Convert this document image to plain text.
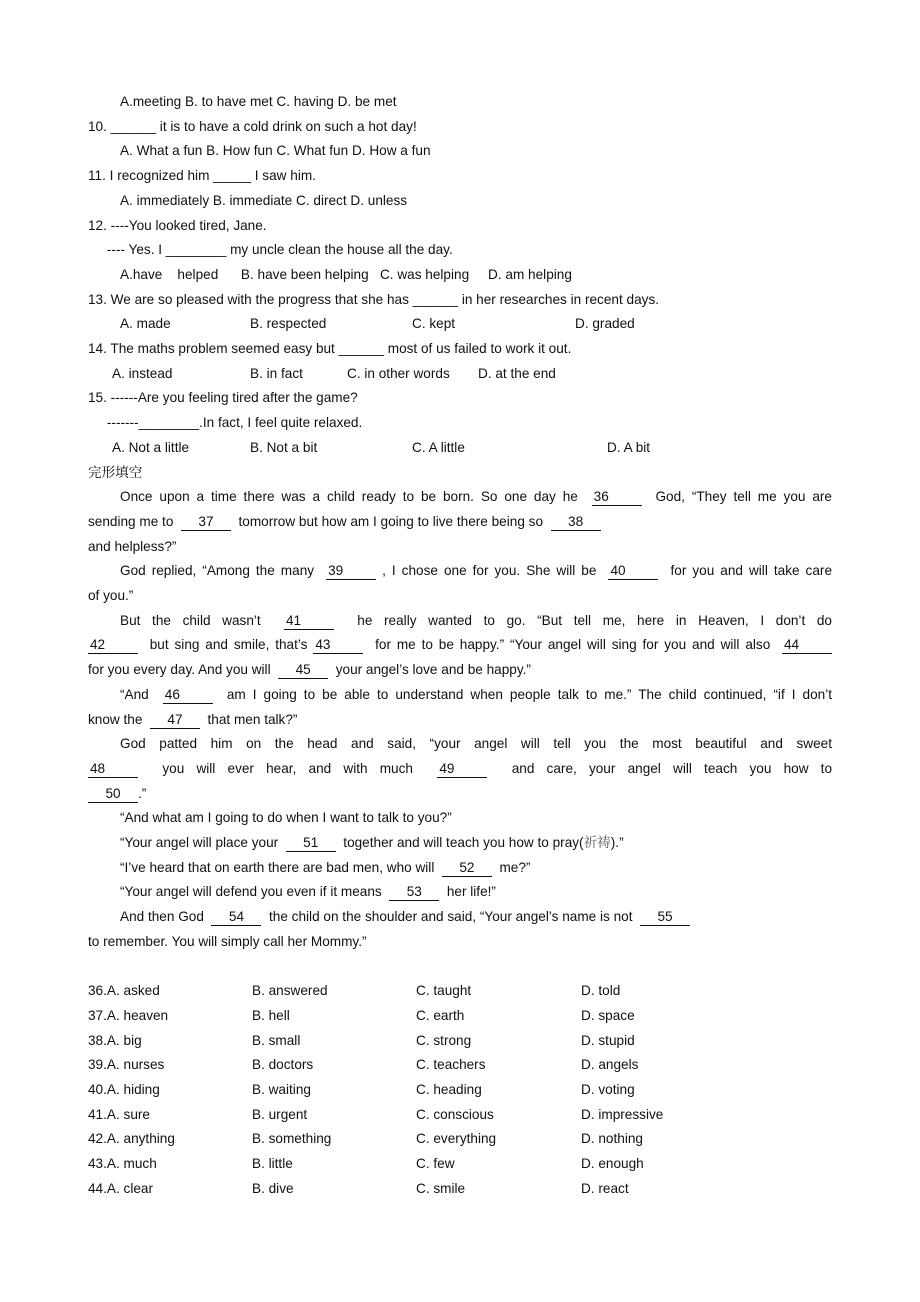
A.meeting B. to have met C. having D. be met
10. ______ it is to have a cold drink on such a hot day!
A. What a fun B. How fun C. What fun D. How a fun
11. I recognized him _____ I saw him.
A. immediately B. immediate C. direct D. unless
12. ----You looked tired, Jane.
---- Yes. I ________ my uncle clean the house all the day.
A.have    helped      B. have been helping   C. was helping     D. am helping
13. We are so pleased with the progress that she has ______ in her researches in recent days.
A. made	B. respected	C. kept	D. graded
14. The maths problem seemed easy but ______ most of us failed to work it out.
A. instead	B. in fact	C. in other words D. at the end
15. ------Are you feeling tired after the game?
-------________.In fact, I feel quite relaxed.
A. Not a little	B. Not a bit	C. A little	D. A bit
完形填空
Once upon a time there was a child ready to be born. So one day he  36	God, “They tell me you are
sending me to  37  tomorrow but how am I going to live there being so  38
and helpless?”
God replied, “Among the many  39	, I chose one for you. She will be  40	for you and will take care
of you.”
But the child wasn’t  41	he really wanted to go. “But tell me, here in Heaven, I don’t do
42	but sing and smile, that’s 43	for me to be happy.” “Your angel will sing for you and will also  44
for you every day. And you will  45  your angel’s love and be happy.”
“And  46	am I going to be able to understand when people talk to me.” The child continued, “if I don’t
know the  47  that men talk?”
God patted him on the head and said, “your angel will tell you the most beautiful and sweet
48	you will ever hear, and with much  49	and care, your angel will teach you how to
50 .”
“And what am I going to do when I want to talk to you?”
“Your angel will place your  51  together and will teach you how to pray(祈祷).”
“I’ve heard that on earth there are bad men, who will  52  me?”
“Your angel will defend you even if it means  53  her life!”
And then God  54  the child on the shoulder and said, “Your angel’s name is not  55
to remember. You will simply call her Mommy.”
36.A. asked	B. answered	C. taught	D. told
37.A. heaven	B. hell	C. earth	D. space
38.A. big	B. small	C. strong	D. stupid
39.A. nurses	B. doctors	C. teachers	D. angels
40.A. hiding	B. waiting	C. heading	D. voting
41.A. sure	B. urgent	C. conscious	D. impressive
42.A. anything	B. something	C. everything	D. nothing
43.A. much	B. little	C. few	D. enough
44.A. clear	B. dive	C. smile	D. react
